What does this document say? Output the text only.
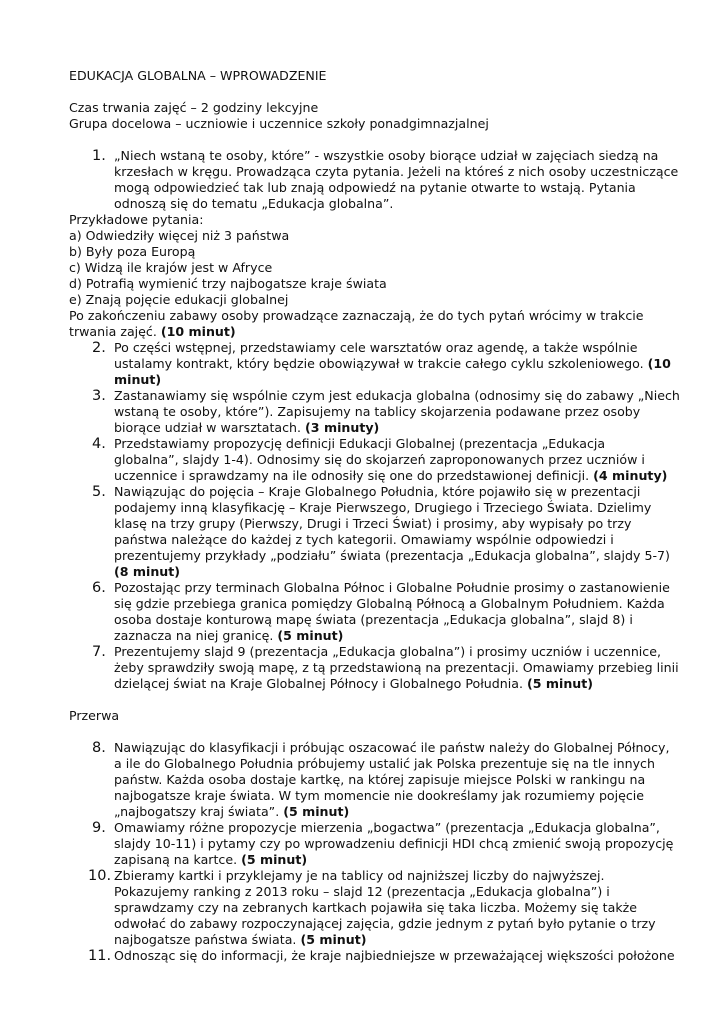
EDUKACJA GLOBALNA – WPROWADZENIE
Czas trwania zajęć – 2 godziny lekcyjne
Grupa docelowa – uczniowie i uczennice szkoły ponadgimnazjalnej
1. „Niech wstaną te osoby, które” - wszystkie osoby biorące udział w zajęciach siedzą na
krzesłach w kręgu. Prowadząca czyta pytania. Jeżeli na któreś z nich osoby uczestniczące
mogą odpowiedzieć tak lub znają odpowiedź na pytanie otwarte to wstają. Pytania
odnoszą się do tematu „Edukacja globalna”.
Przykładowe pytania:
a) Odwiedziły więcej niż 3 państwa
b) Były poza Europą
c) Widzą ile krajów jest w Afryce
d) Potrafią wymienić trzy najbogatsze kraje świata
e) Znają pojęcie edukacji globalnej
Po zakończeniu zabawy osoby prowadzące zaznaczają, że do tych pytań wrócimy w trakcie
trwania zajęć. (10 minut)
2. Po części wstępnej, przedstawiamy cele warsztatów oraz agendę, a także wspólnie
ustalamy kontrakt, który będzie obowiązywał w trakcie całego cyklu szkoleniowego. (10
minut)
3. Zastanawiamy się wspólnie czym jest edukacja globalna (odnosimy się do zabawy „Niech
wstaną te osoby, które”). Zapisujemy na tablicy skojarzenia podawane przez osoby
biorące udział w warsztatach. (3 minuty)
4. Przedstawiamy propozycję definicji Edukacji Globalnej (prezentacja „Edukacja
globalna”, slajdy 1-4). Odnosimy się do skojarzeń zaproponowanych przez uczniów i
uczennice i sprawdzamy na ile odnosiły się one do przedstawionej definicji. (4 minuty)
5. Nawiązując do pojęcia – Kraje Globalnego Południa, które pojawiło się w prezentacji
podajemy inną klasyfikację – Kraje Pierwszego, Drugiego i Trzeciego Świata. Dzielimy
klasę na trzy grupy (Pierwszy, Drugi i Trzeci Świat) i prosimy, aby wypisały po trzy
państwa należące do każdej z tych kategorii. Omawiamy wspólnie odpowiedzi i
prezentujemy przykłady „podziału” świata (prezentacja „Edukacja globalna”, slajdy 5-7)
(8 minut)
6. Pozostając przy terminach Globalna Północ i Globalne Południe prosimy o zastanowienie
się gdzie przebiega granica pomiędzy Globalną Północą a Globalnym Południem. Każda
osoba dostaje konturową mapę świata (prezentacja „Edukacja globalna”, slajd 8) i
zaznacza na niej granicę. (5 minut)
7. Prezentujemy slajd 9 (prezentacja „Edukacja globalna”) i prosimy uczniów i uczennice,
żeby sprawdziły swoją mapę, z tą przedstawioną na prezentacji. Omawiamy przebieg linii
dzielącej świat na Kraje Globalnej Północy i Globalnego Południa. (5 minut)
Przerwa
8. Nawiązując do klasyfikacji i próbując oszacować ile państw należy do Globalnej Północy,
a ile do Globalnego Południa próbujemy ustalić jak Polska prezentuje się na tle innych
państw. Każda osoba dostaje kartkę, na której zapisuje miejsce Polski w rankingu na
najbogatsze kraje świata. W tym momencie nie dookreślamy jak rozumiemy pojęcie
„najbogatszy kraj świata”. (5 minut)
9. Omawiamy różne propozycje mierzenia „bogactwa” (prezentacja „Edukacja globalna”,
slajdy 10-11) i pytamy czy po wprowadzeniu definicji HDI chcą zmienić swoją propozycję
zapisaną na kartce. (5 minut)
10. Zbieramy kartki i przyklejamy je na tablicy od najniższej liczby do najwyższej.
Pokazujemy ranking z 2013 roku – slajd 12 (prezentacja „Edukacja globalna”) i
sprawdzamy czy na zebranych kartkach pojawiła się taka liczba. Możemy się także
odwołać do zabawy rozpoczynającej zajęcia, gdzie jednym z pytań było pytanie o trzy
najbogatsze państwa świata. (5 minut)
11. Odnosząc się do informacji, że kraje najbiedniejsze w przeważającej większości położone
